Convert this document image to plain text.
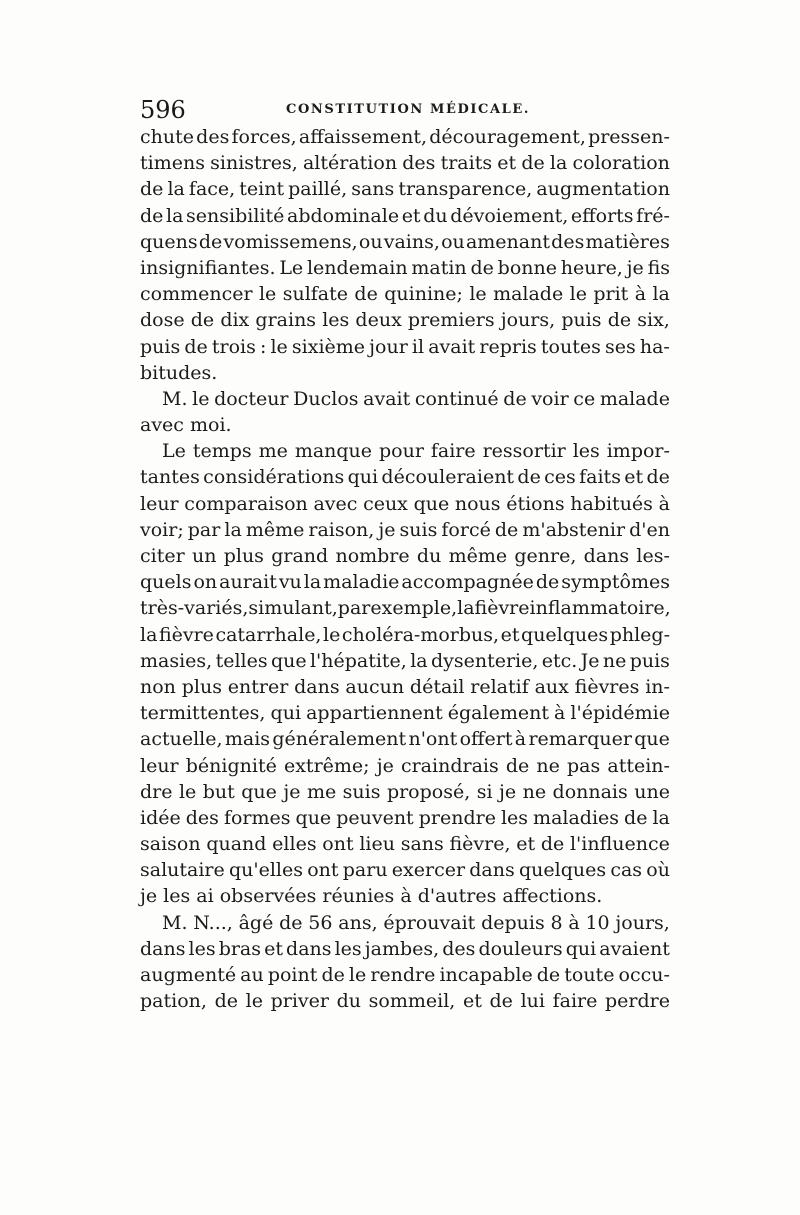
596	CONSTITUTION MÉDICALE.
chute des forces, affaissement, découragement, pressen-
timens sinistres, altération des traits et de la coloration
de la face, teint paillé, sans transparence, augmentation
de la sensibilité abdominale et du dévoiement, efforts fré-
quens de vomissemens, ou vains, ou amenant des matières
insignifiantes. Le lendemain matin de bonne heure, je fis
commencer le sulfate de quinine; le malade le prit à la
dose de dix grains les deux premiers jours, puis de six,
puis de trois : le sixième jour il avait repris toutes ses ha-
bitudes.
M. le docteur Duclos avait continué de voir ce malade
avec moi.
Le temps me manque pour faire ressortir les impor-
tantes considérations qui découleraient de ces faits et de
leur comparaison avec ceux que nous étions habitués à
voir; par la même raison, je suis forcé de m'abstenir d'en
citer un plus grand nombre du même genre, dans les-
quels on aurait vu la maladie accompagnée de symptômes
très-variés, simulant, par exemple, la fièvre inflammatoire,
la fièvre catarrhale, le choléra-morbus, et quelques phleg-
masies, telles que l'hépatite, la dysenterie, etc. Je ne puis
non plus entrer dans aucun détail relatif aux fièvres in-
termittentes, qui appartiennent également à l'épidémie
actuelle, mais généralement n'ont offert à remarquer que
leur bénignité extrême; je craindrais de ne pas attein-
dre le but que je me suis proposé, si je ne donnais une
idée des formes que peuvent prendre les maladies de la
saison quand elles ont lieu sans fièvre, et de l'influence
salutaire qu'elles ont paru exercer dans quelques cas où
je les ai observées réunies à d'autres affections.
M. N..., âgé de 56 ans, éprouvait depuis 8 à 10 jours,
dans les bras et dans les jambes, des douleurs qui avaient
augmenté au point de le rendre incapable de toute occu-
pation, de le priver du sommeil, et de lui faire perdre
